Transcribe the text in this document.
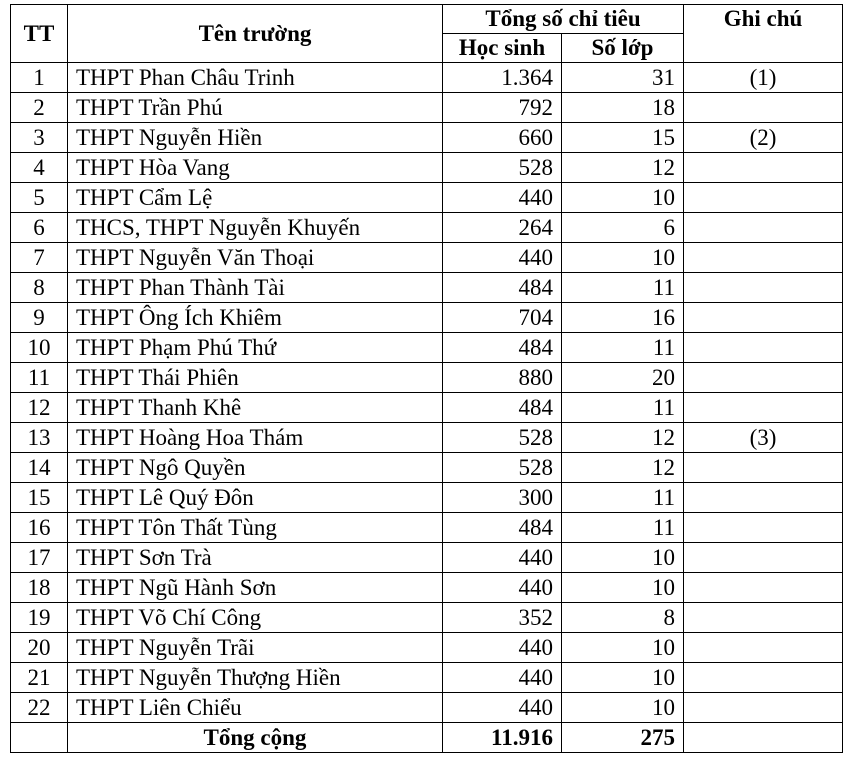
TT	Tên trường	Tổng số chỉ tiêu		Ghi chú
		Học sinh	Số lớp	
1	THPT Phan Châu Trinh	1.364	31	(1)
2	THPT Trần Phú	792	18	
3	THPT Nguyễn Hiền	660	15	(2)
4	THPT Hòa Vang	528	12	
5	THPT Cẩm Lệ	440	10	
6	THCS, THPT Nguyễn Khuyến	264	6	
7	THPT Nguyễn Văn Thoại	440	10	
8	THPT Phan Thành Tài	484	11	
9	THPT Ông Ích Khiêm	704	16	
10	THPT Phạm Phú Thứ	484	11	
11	THPT Thái Phiên	880	20	
12	THPT Thanh Khê	484	11	
13	THPT Hoàng Hoa Thám	528	12	(3)
14	THPT Ngô Quyền	528	12	
15	THPT Lê Quý Đôn	300	11	
16	THPT Tôn Thất Tùng	484	11	
17	THPT Sơn Trà	440	10	
18	THPT Ngũ Hành Sơn	440	10	
19	THPT Võ Chí Công	352	8	
20	THPT Nguyễn Trãi	440	10	
21	THPT Nguyễn Thượng Hiền	440	10	
22	THPT Liên Chiểu	440	10	
	Tổng cộng	11.916	275	
